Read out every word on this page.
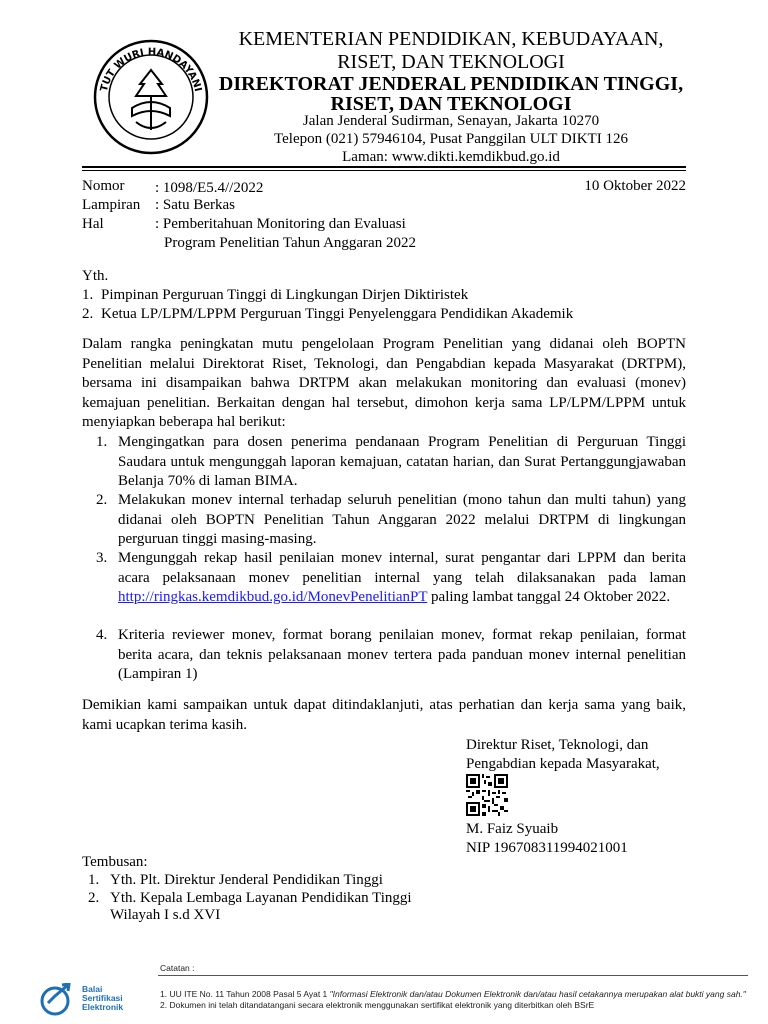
TUT WURI HANDAYANI
KEMENTERIAN PENDIDIKAN, KEBUDAYAAN,
RISET, DAN TEKNOLOGI
DIREKTORAT JENDERAL PENDIDIKAN TINGGI,
RISET, DAN TEKNOLOGI
Jalan Jenderal Sudirman, Senayan, Jakarta 10270
Telepon (021) 57946104, Pusat Panggilan ULT DIKTI 126
Laman: www.dikti.kemdikbud.go.id
Nomor : 1098/E5.4//2022	10 Oktober 2022
Lampiran : Satu Berkas
Hal	: Pemberitahuan Monitoring dan Evaluasi
Program Penelitian Tahun Anggaran 2022
Yth.
1. Pimpinan Perguruan Tinggi di Lingkungan Dirjen Diktiristek
2. Ketua LP/LPM/LPPM Perguruan Tinggi Penyelenggara Pendidikan Akademik
Dalam rangka peningkatan mutu pengelolaan Program Penelitian yang didanai oleh BOPTN Penelitian melalui Direktorat Riset, Teknologi, dan Pengabdian kepada Masyarakat (DRTPM), bersama ini disampaikan bahwa DRTPM akan melakukan monitoring dan evaluasi (monev) kemajuan penelitian. Berkaitan dengan hal tersebut, dimohon kerja sama LP/LPM/LPPM untuk menyiapkan beberapa hal berikut:
1. Mengingatkan para dosen penerima pendanaan Program Penelitian di Perguruan Tinggi Saudara untuk mengunggah laporan kemajuan, catatan harian, dan Surat Pertanggungjawaban Belanja 70% di laman BIMA.
2. Melakukan monev internal terhadap seluruh penelitian (mono tahun dan multi tahun) yang didanai oleh BOPTN Penelitian Tahun Anggaran 2022 melalui DRTPM di lingkungan perguruan tinggi masing-masing.
3. Mengunggah rekap hasil penilaian monev internal, surat pengantar dari LPPM dan berita acara pelaksanaan monev penelitian internal yang telah dilaksanakan pada laman http://ringkas.kemdikbud.go.id/MonevPenelitianPT paling lambat tanggal 24 Oktober 2022.
4. Kriteria reviewer monev, format borang penilaian monev, format rekap penilaian, format berita acara, dan teknis pelaksanaan monev tertera pada panduan monev internal penelitian (Lampiran 1)
Demikian kami sampaikan untuk dapat ditindaklanjuti, atas perhatian dan kerja sama yang baik, kami ucapkan terima kasih.
Direktur Riset, Teknologi, dan
Pengabdian kepada Masyarakat,
M. Faiz Syuaib
NIP 196708311994021001
Tembusan:
1. Yth. Plt. Direktur Jenderal Pendidikan Tinggi
2. Yth. Kepala Lembaga Layanan Pendidikan Tinggi
Wilayah I s.d XVI
Balai
Sertifikasi
Elektronik
Catatan :
1. UU ITE No. 11 Tahun 2008 Pasal 5 Ayat 1 "Informasi Elektronik dan/atau Dokumen Elektronik dan/atau hasil cetakannya merupakan alat bukti yang sah."
2. Dokumen ini telah ditandatangani secara elektronik menggunakan sertifikat elektronik yang diterbitkan oleh BSrE
